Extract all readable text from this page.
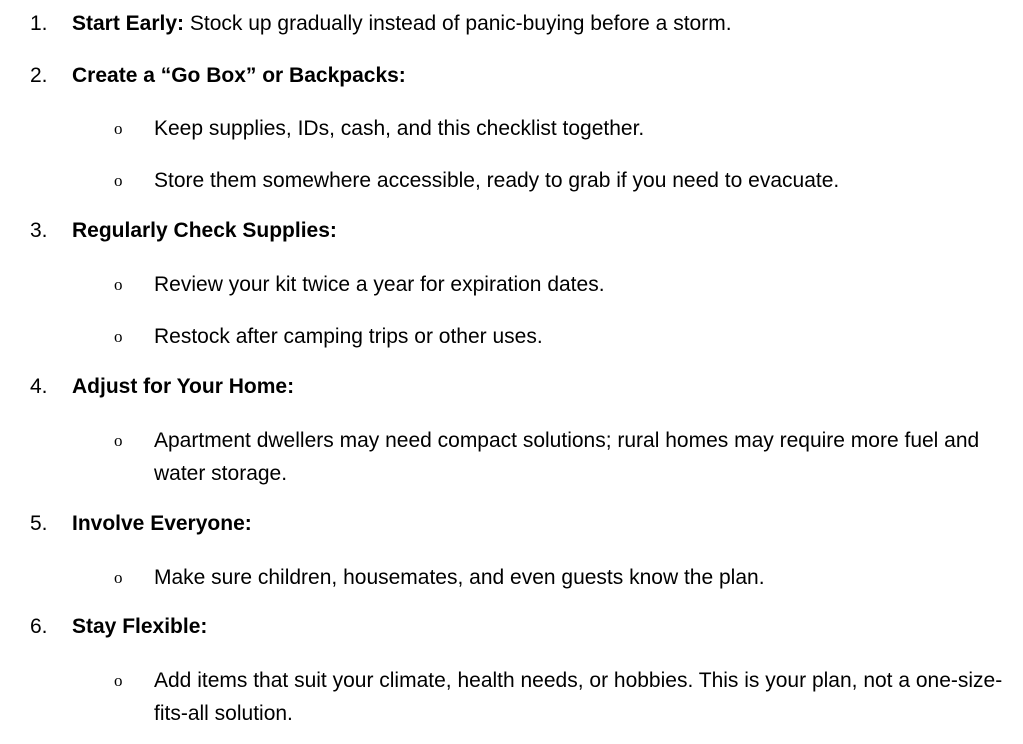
1. Start Early: Stock up gradually instead of panic-buying before a storm.
2. Create a “Go Box” or Backpacks:
o Keep supplies, IDs, cash, and this checklist together.
o Store them somewhere accessible, ready to grab if you need to evacuate.
3. Regularly Check Supplies:
o Review your kit twice a year for expiration dates.
o Restock after camping trips or other uses.
4. Adjust for Your Home:
o Apartment dwellers may need compact solutions; rural homes may require more fuel and water storage.
5. Involve Everyone:
o Make sure children, housemates, and even guests know the plan.
6. Stay Flexible:
o Add items that suit your climate, health needs, or hobbies. This is your plan, not a one-size-fits-all solution.
